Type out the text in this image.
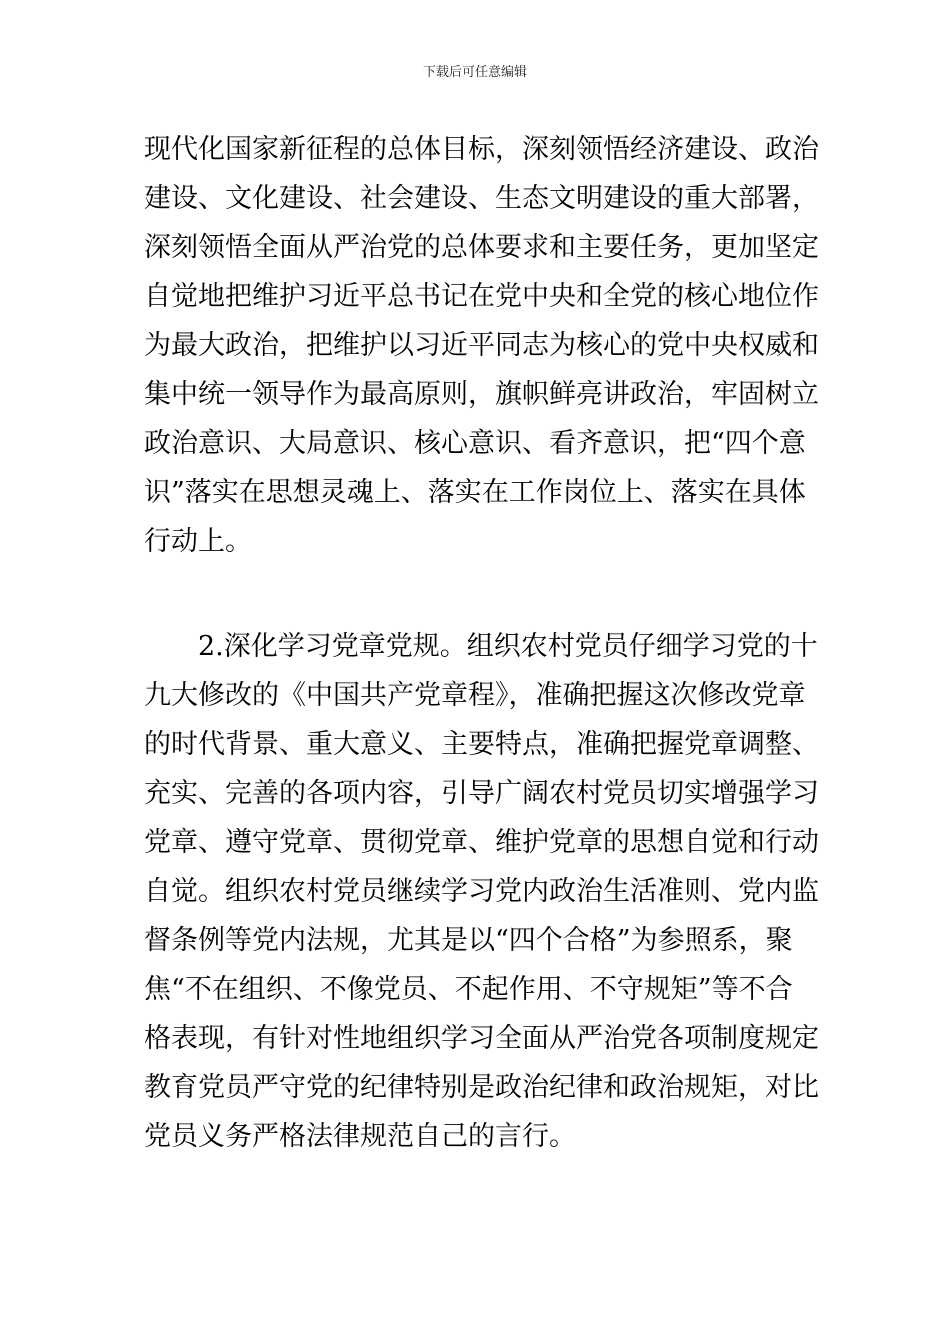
下载后可任意编辑
现代化国家新征程的总体目标，深刻领悟经济建设、政治
建设、文化建设、社会建设、生态文明建设的重大部署，
深刻领悟全面从严治党的总体要求和主要任务，更加坚定
自觉地把维护习近平总书记在党中央和全党的核心地位作
为最大政治，把维护以习近平同志为核心的党中央权威和
集中统一领导作为最高原则，旗帜鲜亮讲政治，牢固树立
政治意识、大局意识、核心意识、看齐意识，把“四个意
识”落实在思想灵魂上、落实在工作岗位上、落实在具体
行动上。
2.深化学习党章党规。组织农村党员仔细学习党的十
九大修改的《中国共产党章程》，准确把握这次修改党章
的时代背景、重大意义、主要特点，准确把握党章调整、
充实、完善的各项内容，引导广阔农村党员切实增强学习
党章、遵守党章、贯彻党章、维护党章的思想自觉和行动
自觉。组织农村党员继续学习党内政治生活准则、党内监
督条例等党内法规，尤其是以“四个合格”为参照系，聚
焦“不在组织、不像党员、不起作用、不守规矩”等不合
格表现，有针对性地组织学习全面从严治党各项制度规定
教育党员严守党的纪律特别是政治纪律和政治规矩，对比
党员义务严格法律规范自己的言行。
